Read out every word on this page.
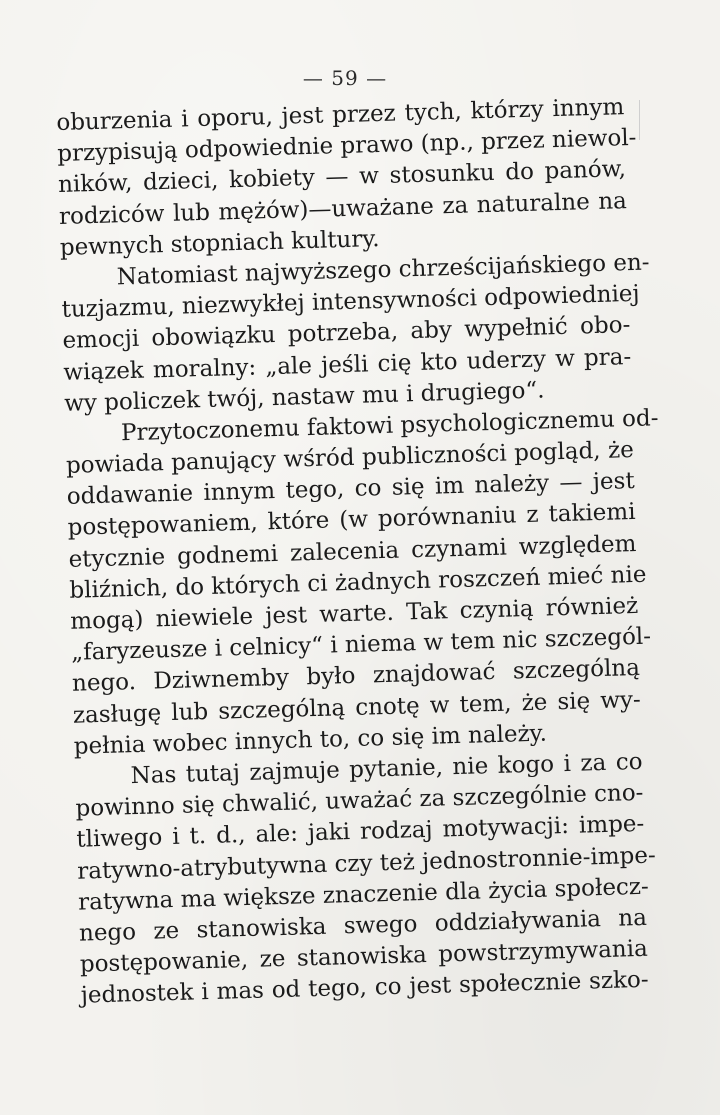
— 59 —
oburzenia i oporu, jest przez tych, którzy innym
przypisują odpowiednie prawo (np., przez niewol-
ników, dzieci, kobiety — w stosunku do panów,
rodziców lub mężów)—uważane za naturalne na
pewnych stopniach kultury.
Natomiast najwyższego chrześcijańskiego en-
tuzjazmu, niezwykłej intensywności odpowiedniej
emocji obowiązku potrzeba, aby wypełnić obo-
wiązek moralny: „ale jeśli cię kto uderzy w pra-
wy policzek twój, nastaw mu i drugiego“.
Przytoczonemu faktowi psychologicznemu od-
powiada panujący wśród publiczności pogląd, że
oddawanie innym tego, co się im należy — jest
postępowaniem, które (w porównaniu z takiemi
etycznie godnemi zalecenia czynami względem
bliźnich, do których ci żadnych roszczeń mieć nie
mogą) niewiele jest warte. Tak czynią również
„faryzeusze i celnicy“ i niema w tem nic szczegól-
nego. Dziwnemby było znajdować szczególną
zasługę lub szczególną cnotę w tem, że się wy-
pełnia wobec innych to, co się im należy.
Nas tutaj zajmuje pytanie, nie kogo i za co
powinno się chwalić, uważać za szczególnie cno-
tliwego i t. d., ale: jaki rodzaj motywacji: impe-
ratywno-atrybutywna czy też jednostronnie-impe-
ratywna ma większe znaczenie dla życia społecz-
nego ze stanowiska swego oddziaływania na
postępowanie, ze stanowiska powstrzymywania
jednostek i mas od tego, co jest społecznie szko-
